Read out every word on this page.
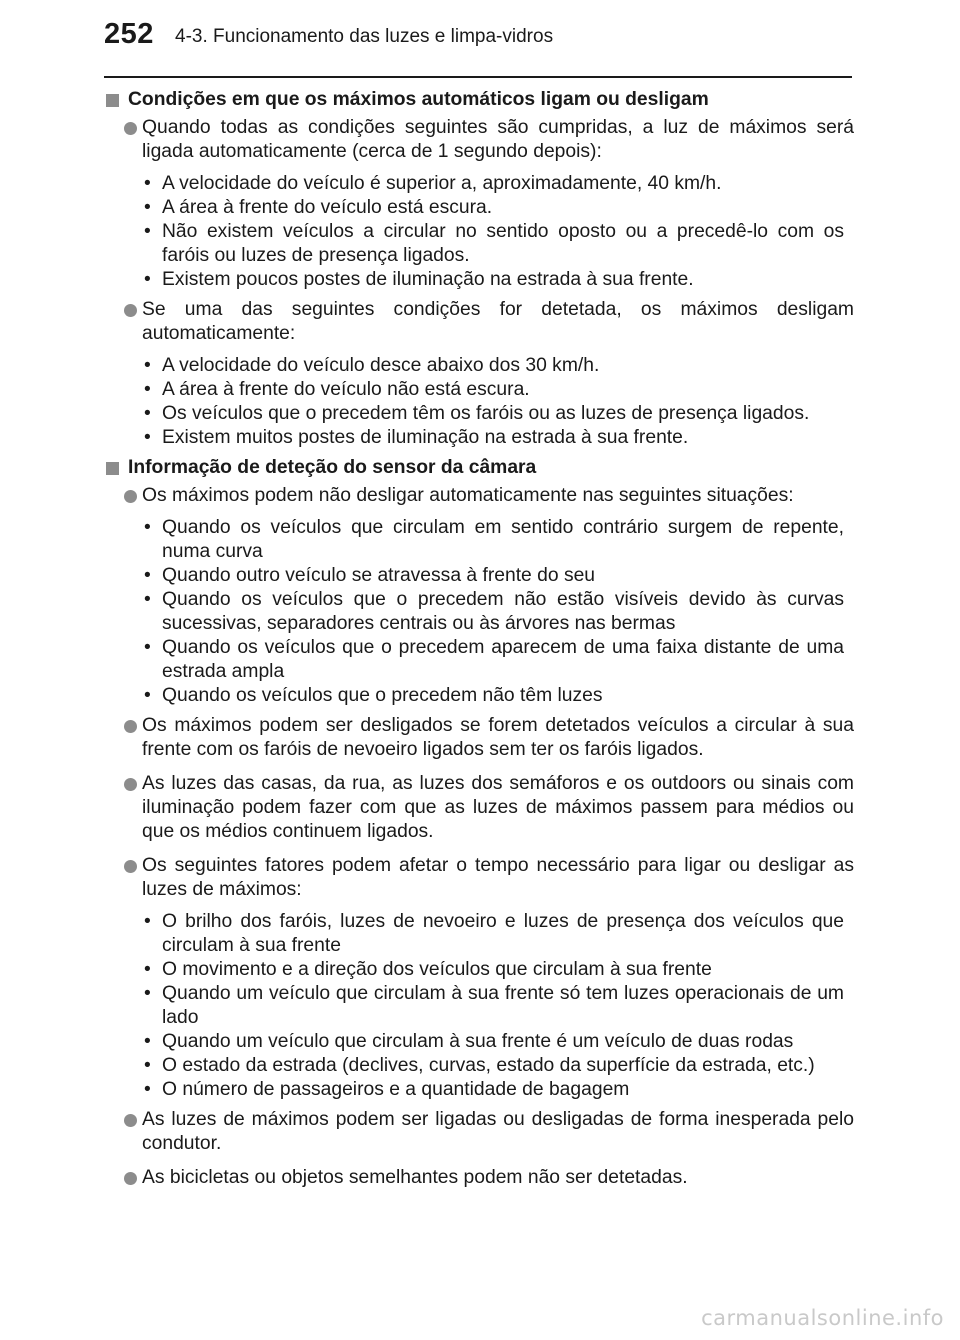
252 4-3. Funcionamento das luzes e limpa-vidros
Condições em que os máximos automáticos ligam ou desligam
Quando todas as condições seguintes são cumpridas, a luz de máximos será ligada automaticamente (cerca de 1 segundo depois):
• A velocidade do veículo é superior a, aproximadamente, 40 km/h.
• A área à frente do veículo está escura.
• Não existem veículos a circular no sentido oposto ou a precedê-lo com os faróis ou luzes de presença ligados.
• Existem poucos postes de iluminação na estrada à sua frente.
Se uma das seguintes condições for detetada, os máximos desligam automaticamente:
• A velocidade do veículo desce abaixo dos 30 km/h.
• A área à frente do veículo não está escura.
• Os veículos que o precedem têm os faróis ou as luzes de presença ligados.
• Existem muitos postes de iluminação na estrada à sua frente.
Informação de deteção do sensor da câmara
Os máximos podem não desligar automaticamente nas seguintes situações:
• Quando os veículos que circulam em sentido contrário surgem de repente, numa curva
• Quando outro veículo se atravessa à frente do seu
• Quando os veículos que o precedem não estão visíveis devido às curvas sucessivas, separadores centrais ou às árvores nas bermas
• Quando os veículos que o precedem aparecem de uma faixa distante de uma estrada ampla
• Quando os veículos que o precedem não têm luzes
Os máximos podem ser desligados se forem detetados veículos a circular à sua frente com os faróis de nevoeiro ligados sem ter os faróis ligados.
As luzes das casas, da rua, as luzes dos semáforos e os outdoors ou sinais com iluminação podem fazer com que as luzes de máximos passem para médios ou que os médios continuem ligados.
Os seguintes fatores podem afetar o tempo necessário para ligar ou desligar as luzes de máximos:
• O brilho dos faróis, luzes de nevoeiro e luzes de presença dos veículos que circulam à sua frente
• O movimento e a direção dos veículos que circulam à sua frente
• Quando um veículo que circulam à sua frente só tem luzes operacionais de um lado
• Quando um veículo que circulam à sua frente é um veículo de duas rodas
• O estado da estrada (declives, curvas, estado da superfície da estrada, etc.)
• O número de passageiros e a quantidade de bagagem
As luzes de máximos podem ser ligadas ou desligadas de forma inesperada pelo condutor.
As bicicletas ou objetos semelhantes podem não ser detetadas.
carmanualsonline.info
